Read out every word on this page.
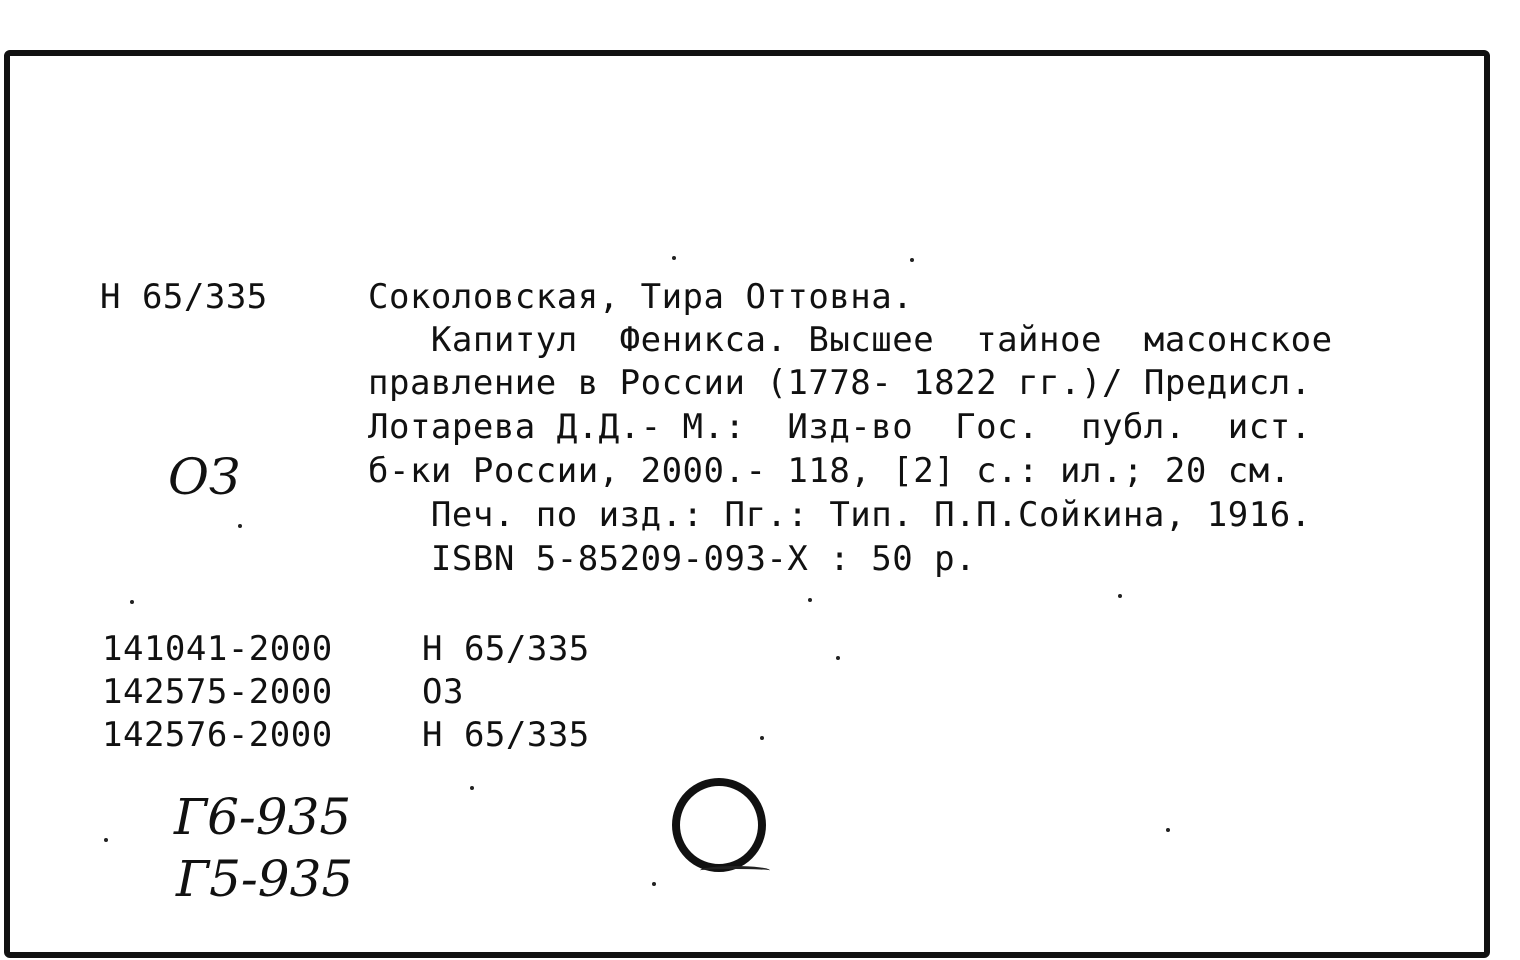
Н 65/335	Соколовская, Тира Оттовна.
Капитул  Феникса. Высшее  тайное  масонское
правление в России (1778- 1822 гг.)/ Предисл.
Лотарева Д.Д.- М.:  Изд-во  Гос.  публ.  ист.
б-ки России, 2000.- 118, [2] с.: ил.; 20 см.
Печ. по изд.: Пг.: Тип. П.П.Сойкина, 1916.
ISBN 5-85209-093-X : 50 р.
ОЗ
141041-2000	Н 65/335
142575-2000	ОЗ
142576-2000	Н 65/335
Г6-935
Г5-935
